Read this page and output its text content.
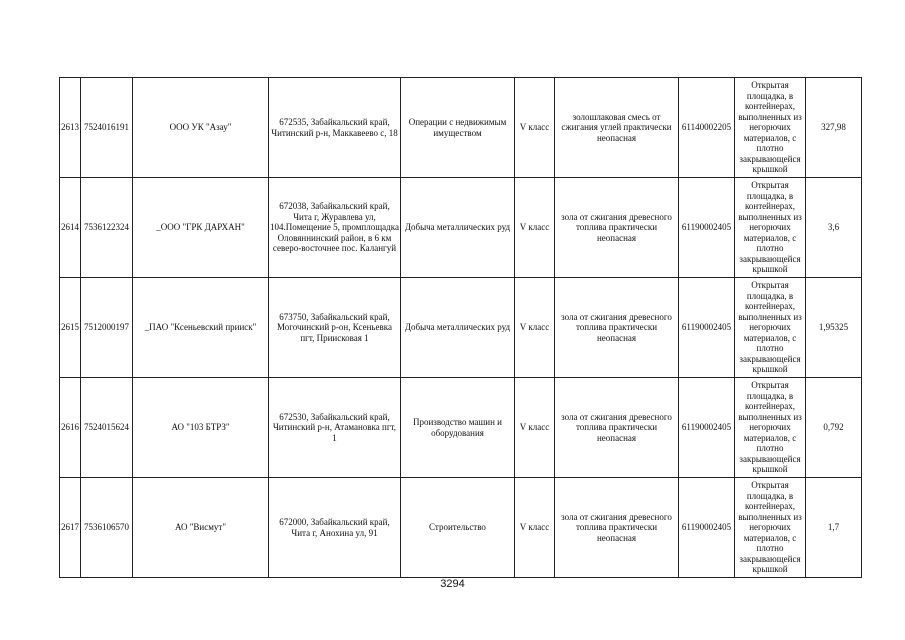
2613	7524016191	ООО УК "Азау"	672535, Забайкальский край, Читинский р-н, Маккавеево с, 18	Операции с недвижимым имуществом	V класс	золошлаковая смесь от сжигания углей практически неопасная	61140002205	Открытая площадка, в контейнерах, выполненных из негорючих материалов, с плотно закрывающейся крышкой	327,98
2614	7536122324	_ООО "ГРК ДАРХАН"	672038, Забайкальский край, Чита г, Журавлева ул, 104.Помещение 5, промплощадка Оловяннинский район, в 6 км северо-восточнее пос. Калангуй	Добыча металлических руд	V класс	зола от сжигания древесного топлива практически неопасная	61190002405	Открытая площадка, в контейнерах, выполненных из негорючих материалов, с плотно закрывающейся крышкой	3,6
2615	7512000197	_ПАО "Ксеньевский прииск"	673750, Забайкальский край, Могочинский р-он, Ксеньевка пгт, Приисковая 1	Добыча металлических руд	V класс	зола от сжигания древесного топлива практически неопасная	61190002405	Открытая площадка, в контейнерах, выполненных из негорючих материалов, с плотно закрывающейся крышкой	1,95325
2616	7524015624	АО "103 БТРЗ"	672530, Забайкальский край, Читинский р-н, Атамановка пгт, 1	Производство машин и оборудования	V класс	зола от сжигания древесного топлива практически неопасная	61190002405	Открытая площадка, в контейнерах, выполненных из негорючих материалов, с плотно закрывающейся крышкой	0,792
2617	7536106570	АО "Висмут"	672000, Забайкальский край, Чита г, Анохина ул, 91	Строительство	V класс	зола от сжигания древесного топлива практически неопасная	61190002405	Открытая площадка, в контейнерах, выполненных из негорючих материалов, с плотно закрывающейся крышкой	1,7
3294
